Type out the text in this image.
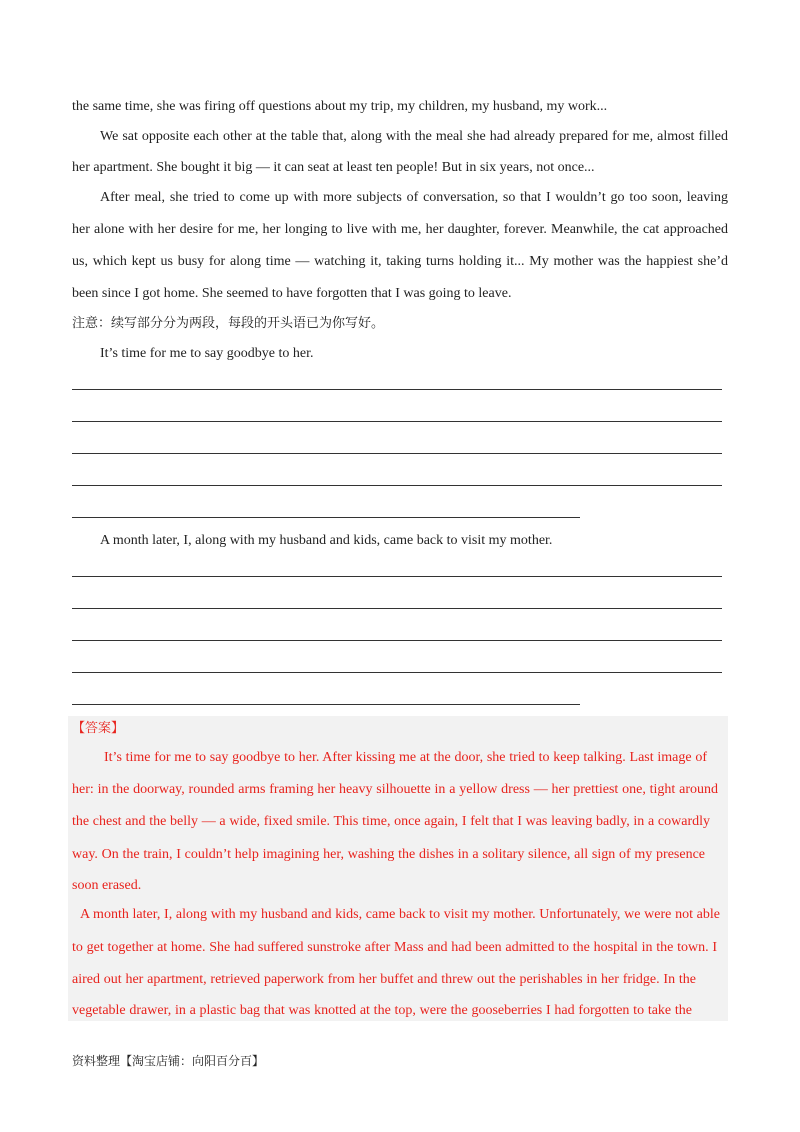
the same time, she was firing off questions about my trip, my children, my husband, my work...
We sat opposite each other at the table that, along with the meal she had already prepared for me, almost filled
her apartment. She bought it big — it can seat at least ten people! But in six years, not once...
After meal, she tried to come up with more subjects of conversation, so that I wouldn’t go too soon, leaving
her alone with her desire for me, her longing to live with me, her daughter, forever. Meanwhile, the cat approached
us, which kept us busy for along time — watching it, taking turns holding it... My mother was the happiest she’d
been since I got home. She seemed to have forgotten that I was going to leave.
注意：续写部分分为两段，每段的开头语已为你写好。
It’s time for me to say goodbye to her.
A month later, I, along with my husband and kids, came back to visit my mother.
【答案】
It’s time for me to say goodbye to her. After kissing me at the door, she tried to keep talking. Last image of
her: in the doorway, rounded arms framing her heavy silhouette in a yellow dress — her prettiest one, tight around
the chest and the belly — a wide, fixed smile. This time, once again, I felt that I was leaving badly, in a cowardly
way. On the train, I couldn’t help imagining her, washing the dishes in a solitary silence, all sign of my presence
soon erased.
A month later, I, along with my husband and kids, came back to visit my mother. Unfortunately, we were not able
to get together at home. She had suffered sunstroke after Mass and had been admitted to the hospital in the town. I
aired out her apartment, retrieved paperwork from her buffet and threw out the perishables in her fridge. In the
vegetable drawer, in a plastic bag that was knotted at the top, were the gooseberries I had forgotten to take the
资料整理【淘宝店铺：向阳百分百】
